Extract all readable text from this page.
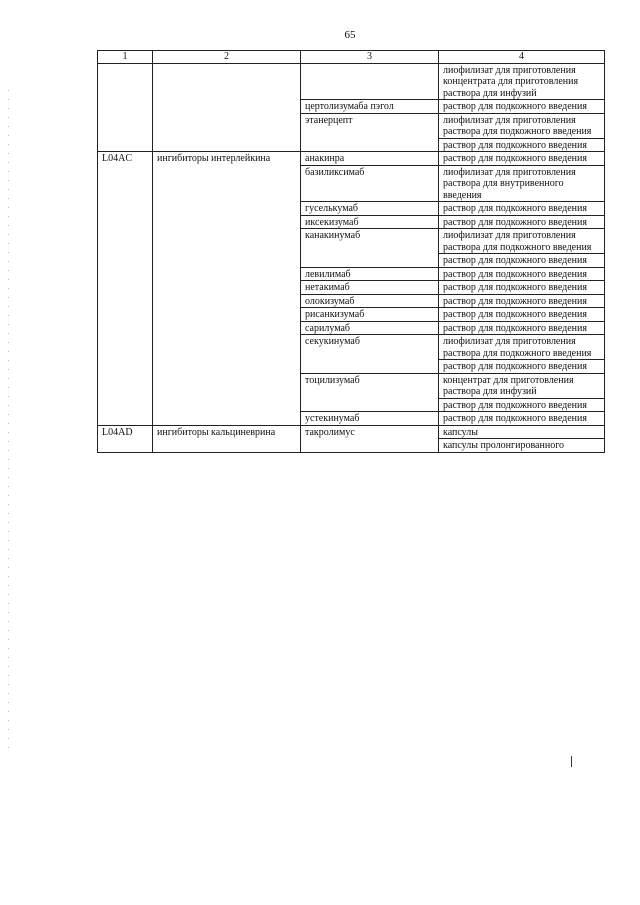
65
1	2	3	4
			лиофилизат для приготовления концентрата для приготовления раствора для инфузий
		цертолизумаба пэгол	раствор для подкожного введения
		этанерцепт	лиофилизат для приготовления раствора для подкожного введения
			раствор для подкожного введения
L04AC	ингибиторы интерлейкина	анакинра	раствор для подкожного введения
		базиликсимаб	лиофилизат для приготовления раствора для внутривенного введения
		гуселькумаб	раствор для подкожного введения
		иксекизумаб	раствор для подкожного введения
		канакинумаб	лиофилизат для приготовления раствора для подкожного введения
			раствор для подкожного введения
		левилимаб	раствор для подкожного введения
		нетакимаб	раствор для подкожного введения
		олокизумаб	раствор для подкожного введения
		рисанкизумаб	раствор для подкожного введения
		сарилумаб	раствор для подкожного введения
		секукинумаб	лиофилизат для приготовления раствора для подкожного введения
			раствор для подкожного введения
		тоцилизумаб	концентрат для приготовления раствора для инфузий
			раствор для подкожного введения
		устекинумаб	раствор для подкожного введения
L04AD	ингибиторы кальциневрина	такролимус	капсулы
			капсулы пролонгированного
